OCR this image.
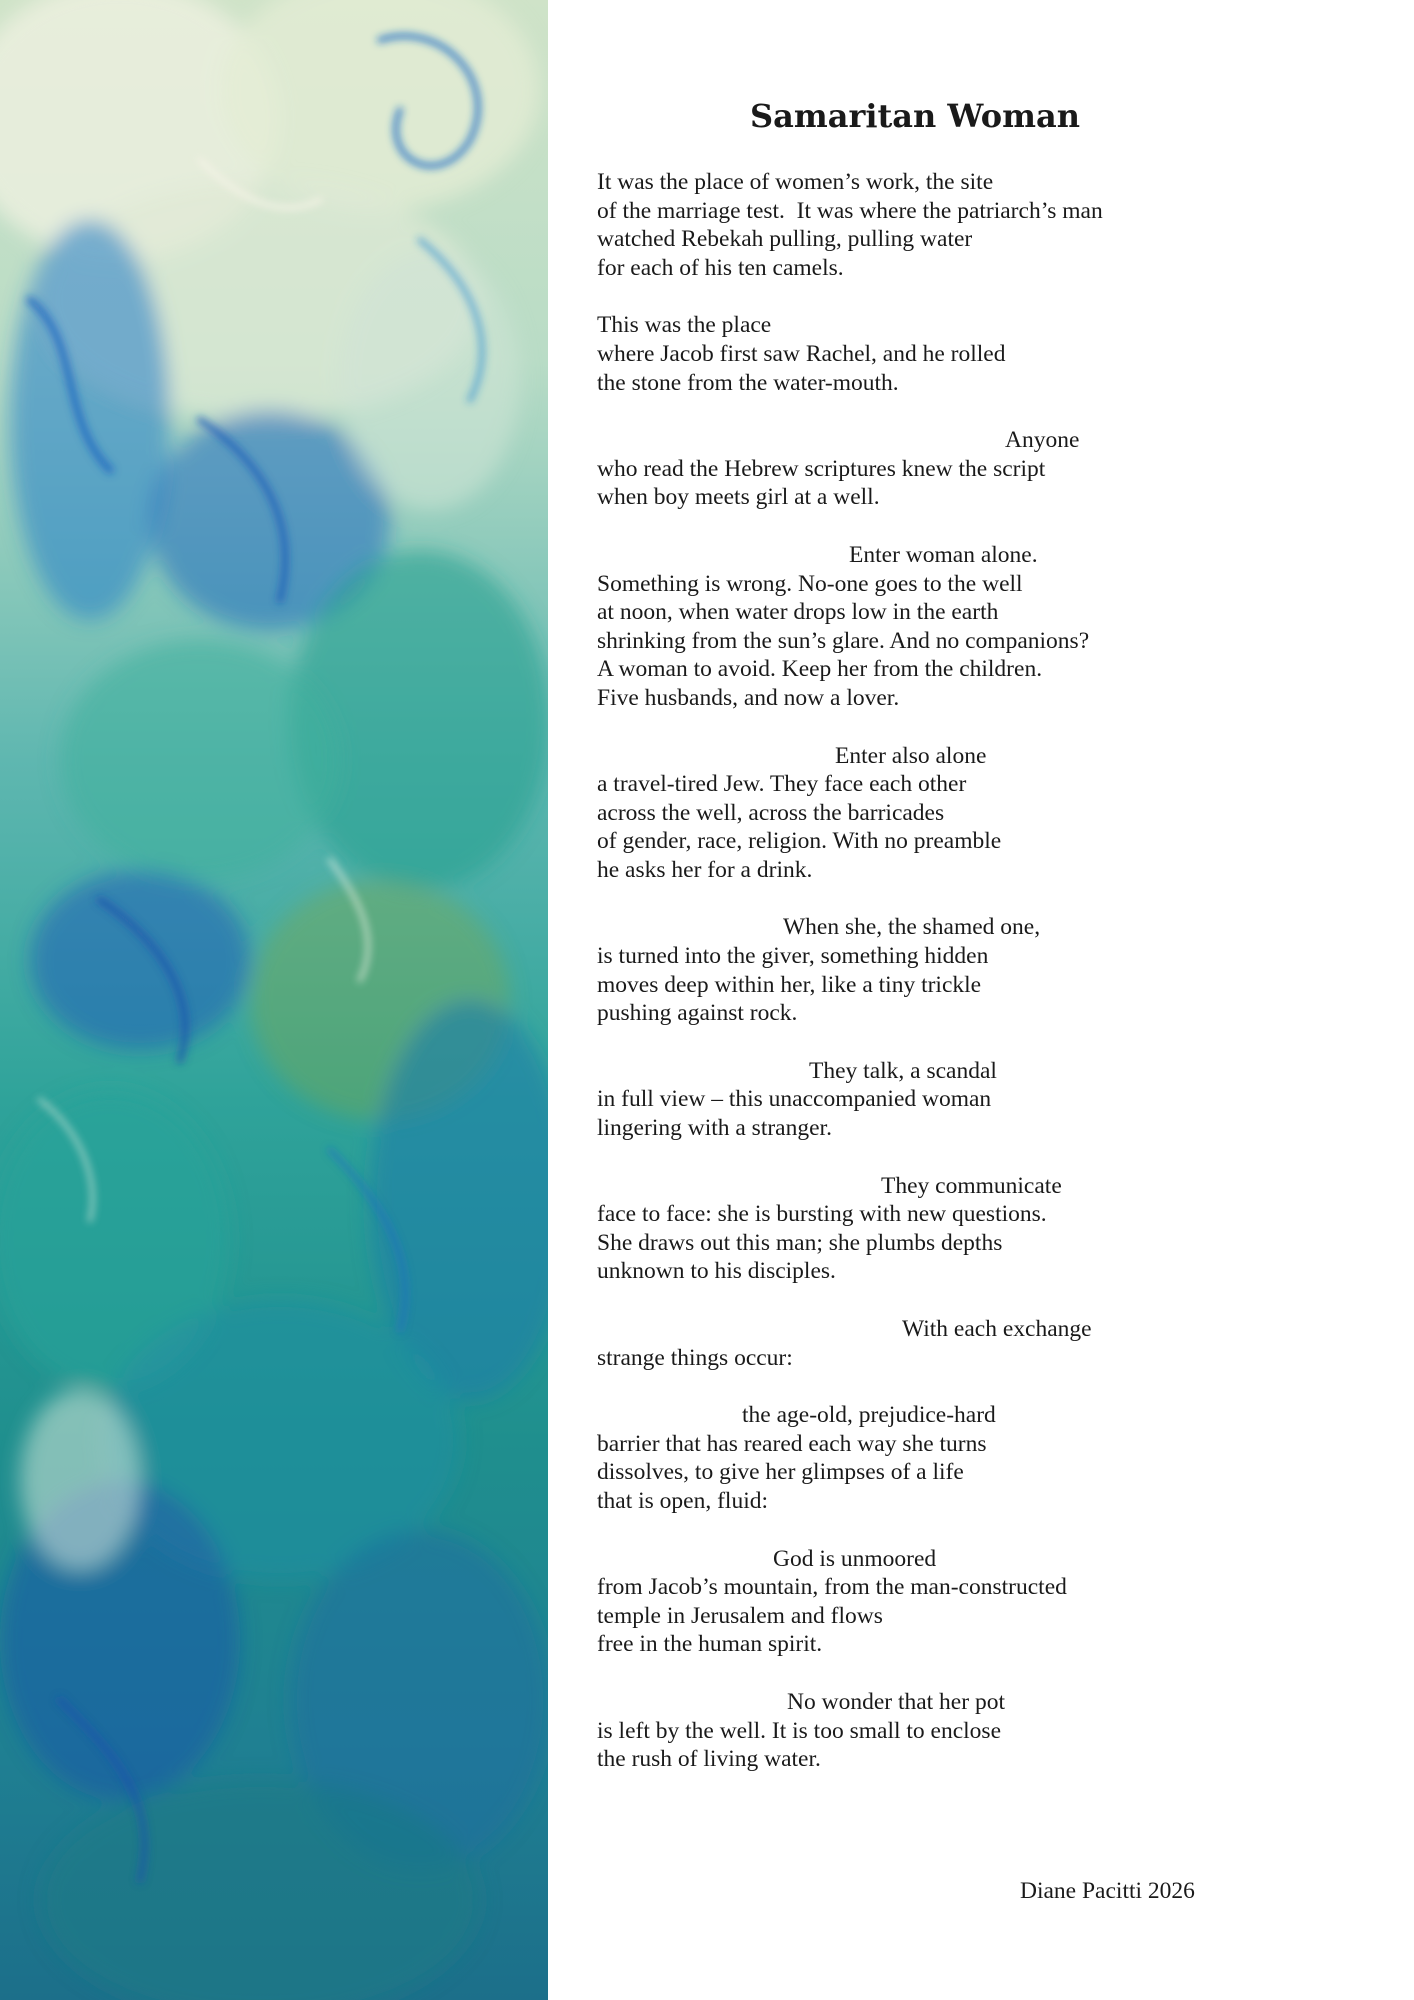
Samaritan Woman
It was the place of women’s work, the site
of the marriage test.  It was where the patriarch’s man
watched Rebekah pulling, pulling water
for each of his ten camels.
This was the place
where Jacob first saw Rachel, and he rolled
the stone from the water-mouth.
Anyone
who read the Hebrew scriptures knew the script
when boy meets girl at a well.
Enter woman alone.
Something is wrong. No-one goes to the well
at noon, when water drops low in the earth
shrinking from the sun’s glare. And no companions?
A woman to avoid. Keep her from the children.
Five husbands, and now a lover.
Enter also alone
a travel-tired Jew. They face each other
across the well, across the barricades
of gender, race, religion. With no preamble
he asks her for a drink.
When she, the shamed one,
is turned into the giver, something hidden
moves deep within her, like a tiny trickle
pushing against rock.
They talk, a scandal
in full view – this unaccompanied woman
lingering with a stranger.
They communicate
face to face: she is bursting with new questions.
She draws out this man; she plumbs depths
unknown to his disciples.
With each exchange
strange things occur:
the age-old, prejudice-hard
barrier that has reared each way she turns
dissolves, to give her glimpses of a life
that is open, fluid:
God is unmoored
from Jacob’s mountain, from the man-constructed
temple in Jerusalem and flows
free in the human spirit.
No wonder that her pot
is left by the well. It is too small to enclose
the rush of living water.
Diane Pacitti 2026
